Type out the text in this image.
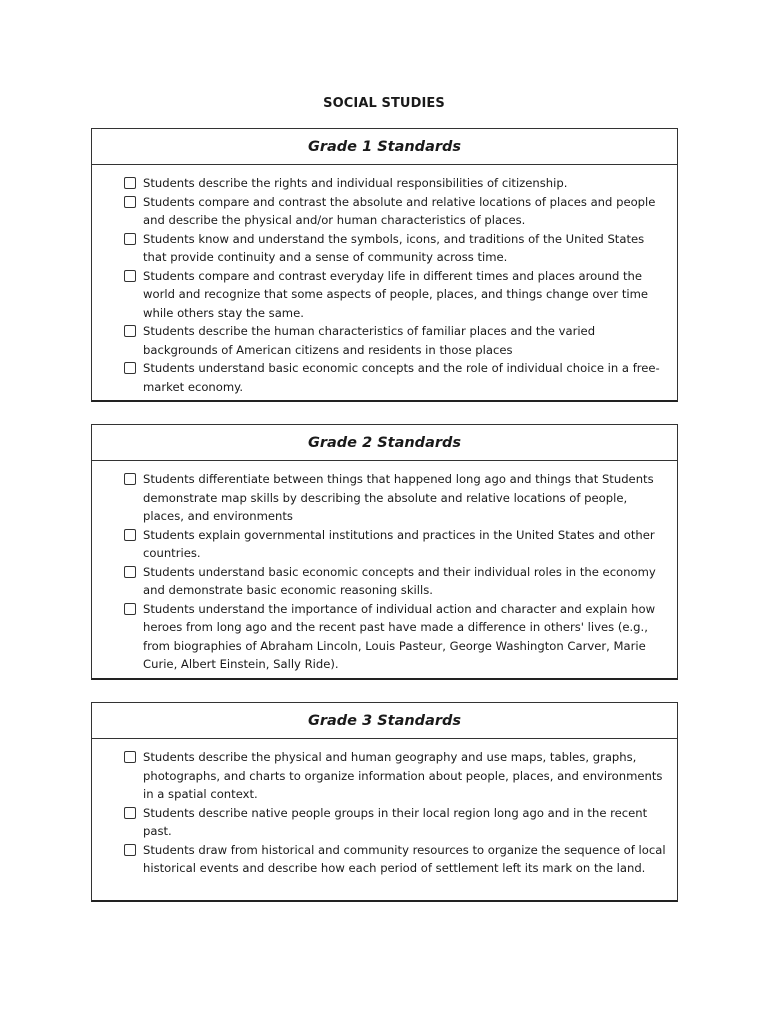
SOCIAL STUDIES
Grade 1 Standards
Students describe the rights and individual responsibilities of citizenship.
Students compare and contrast the absolute and relative locations of places and people and describe the physical and/or human characteristics of places.
Students know and understand the symbols, icons, and traditions of the United States that provide continuity and a sense of community across time.
Students compare and contrast everyday life in different times and places around the world and recognize that some aspects of people, places, and things change over time while others stay the same.
Students describe the human characteristics of familiar places and the varied backgrounds of American citizens and residents in those places
Students understand basic economic concepts and the role of individual choice in a free-market economy.
Grade 2 Standards
Students differentiate between things that happened long ago and things that Students demonstrate map skills by describing the absolute and relative locations of people, places, and environments
Students explain governmental institutions and practices in the United States and other countries.
Students understand basic economic concepts and their individual roles in the economy and demonstrate basic economic reasoning skills.
Students understand the importance of individual action and character and explain how heroes from long ago and the recent past have made a difference in others' lives (e.g., from biographies of Abraham Lincoln, Louis Pasteur, George Washington Carver, Marie Curie, Albert Einstein, Sally Ride).
Grade 3 Standards
Students describe the physical and human geography and use maps, tables, graphs, photographs, and charts to organize information about people, places, and environments in a spatial context.
Students describe native people groups in their local region long ago and in the recent past.
Students draw from historical and community resources to organize the sequence of local historical events and describe how each period of settlement left its mark on the land.
